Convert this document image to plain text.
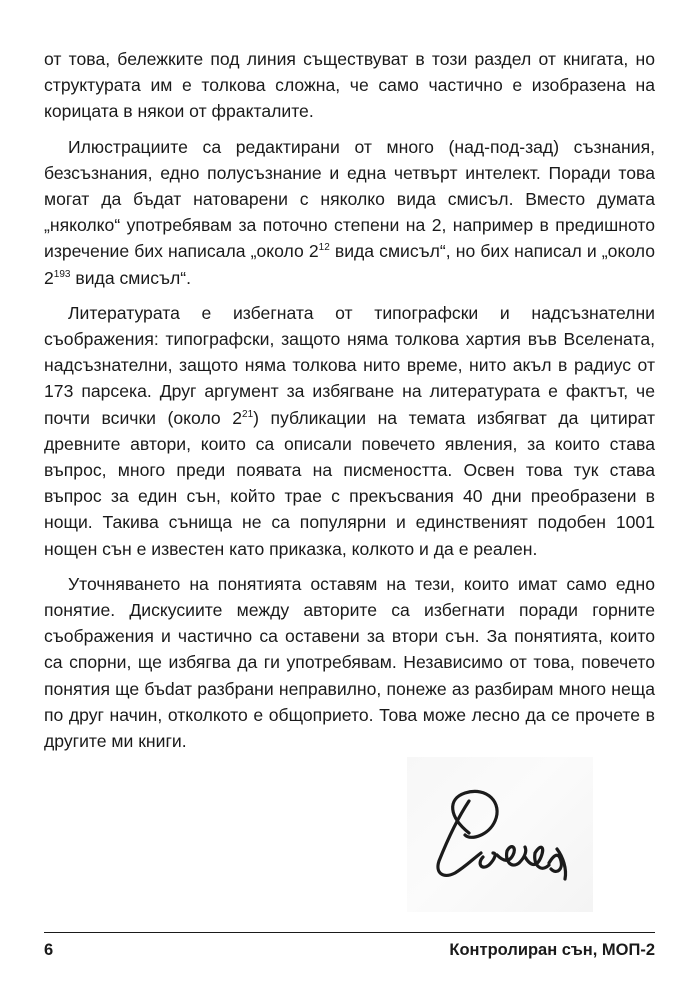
от това, бележките под линия съществуват в този раздел от книгата, но структурата им е толкова сложна, че само частично е изобразена на корицата в някои от фракталите.

Илюстрациите са редактирани от много (над-под-зад) съзнания, безсъзнания, едно полусъзнание и една четвърт интелект. Поради това могат да бъдат натоварени с няколко вида смисъл. Вместо думата „няколко“ употребявам за поточно степени на 2, например в предишното изречение бих написала „около $2^{12}$ вида смисъл“, но бих написал и „около $2^{193}$ вида смисъл“.

Литературата е избегната от типографски и надсъзнателни съображения: типографски, защото няма толкова хартия във Вселената, надсъзнателни, защото няма толкова нито време, нито акъл в радиус от 173 парсека. Друг аргумент за избягване на литературата е фактът, че почти всички (около $2^{21}$) публикации на темата избягват да цитират древните автори, които са описали повечето явления, за които става въпрос, много преди появата на писмеността. Освен това тук става въпрос за един сън, който трае с прекъсвания 40 дни преобразени в нощи. Такива сънища не са популярни и единственият подобен 1001 нощен сън е известен като приказка, колкото и да е реален.

Уточняването на понятията оставям на тези, които имат само едно понятие. Дискусиите между авторите са избегнати поради горните съображения и частично са оставени за втори сън. За понятията, които са спорни, ще избягва да ги употребявам. Независимо от това, повечето понятия ще бъdат разбрани неправилно, понеже аз разбирам много неща по друг начин, отколкото е общоприето. Това може лесно да се прочете в другите ми книги.

6	Контролиран сън, МОП-2
